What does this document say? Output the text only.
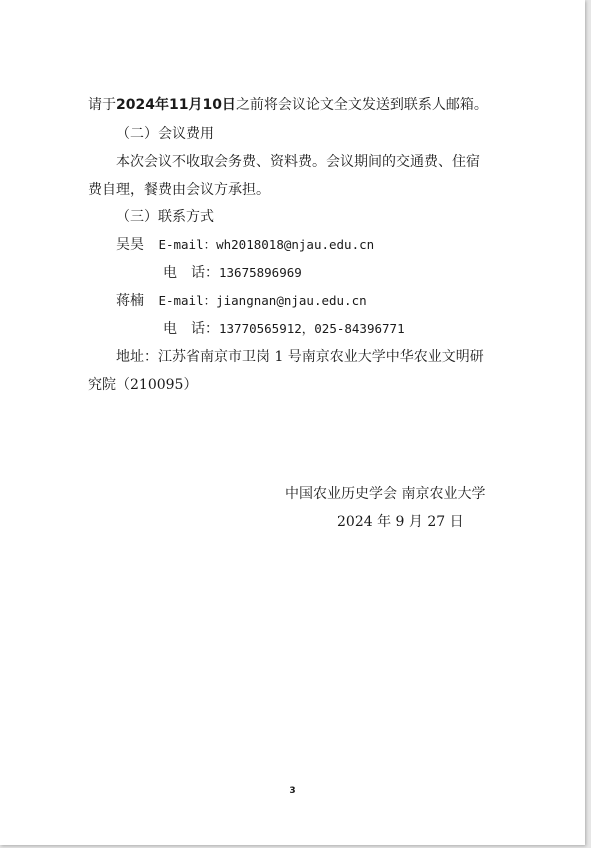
请于2024年11月10日之前将会议论文全文发送到联系人邮箱。
（二）会议费用
本次会议不收取会务费、资料费。会议期间的交通费、住宿
费自理，餐费由会议方承担。
（三）联系方式
吴昊 E-mail：wh2018018@njau.edu.cn
电　话：13675896969
蒋楠 E-mail：jiangnan@njau.edu.cn
电　话：13770565912，025-84396771
地址：江苏省南京市卫岗 1 号南京农业大学中华农业文明研
究院（210095）
中国农业历史学会 南京农业大学
2024 年 9 月 27 日
3
